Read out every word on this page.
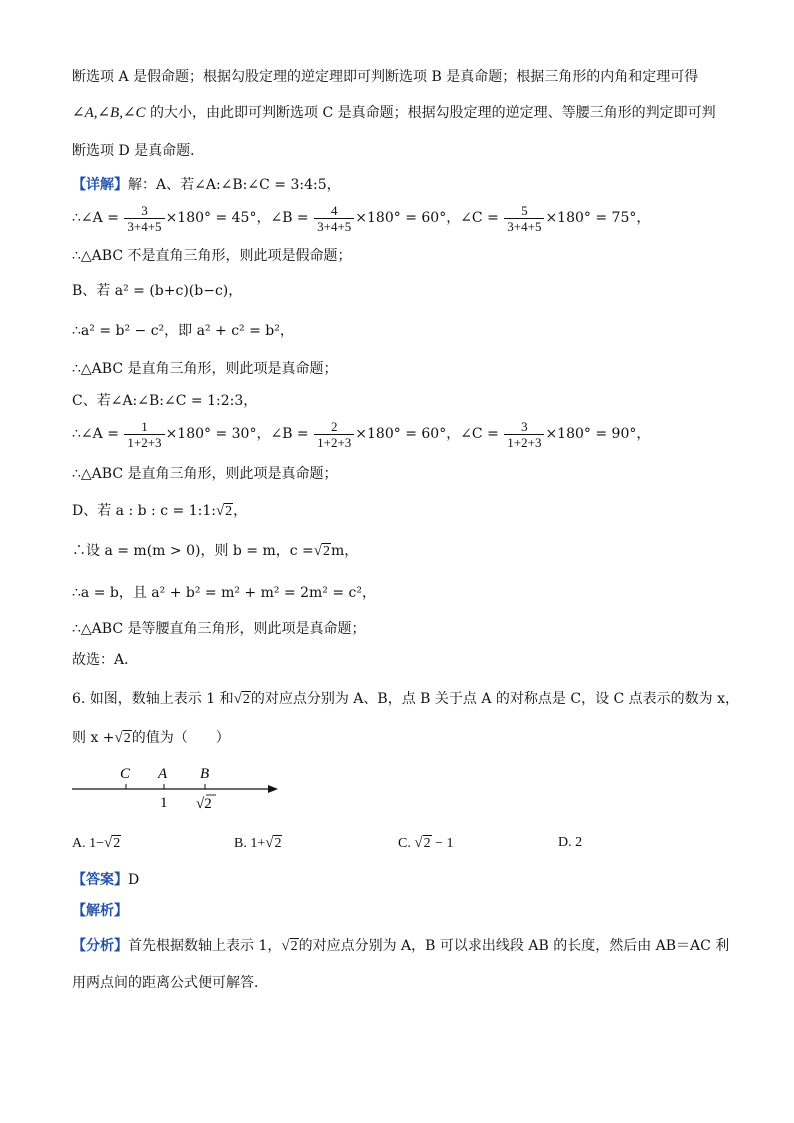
断选项 A 是假命题；根据勾股定理的逆定理即可判断选项 B 是真命题；根据三角形的内角和定理可得
∠A,∠B,∠C 的大小，由此即可判断选项 C 是真命题；根据勾股定理的逆定理、等腰三角形的判定即可判
断选项 D 是真命题．
【详解】解：A、若∠A:∠B:∠C = 3:4:5，
∴∠A = $\frac{3}{3+4+5} \times 180^\circ = 45^\circ$，∠B = $\frac{4}{3+4+5} \times 180^\circ = 60^\circ$，∠C = $\frac{5}{3+4+5} \times 180^\circ = 75^\circ$，
∴△ABC 不是直角三角形，则此项是假命题；
B、若 a² = (b+c)(b−c)，
∴a² = b² − c²，即 a² + c² = b²，
∴△ABC 是直角三角形，则此项是真命题；
C、若∠A:∠B:∠C = 1:2:3，
∴∠A = $\frac{1}{1+2+3} \times 180^\circ = 30^\circ$，∠B = $\frac{2}{1+2+3} \times 180^\circ = 60^\circ$，∠C = $\frac{3}{1+2+3} \times 180^\circ = 90^\circ$，
∴△ABC 是直角三角形，则此项是真命题；
D、若 a : b : c = 1:1:√2，
∴设 a = m(m > 0)，则 b = m，c =√2m，
∴a = b，且 a² + b² = m² + m² = 2m² = c²，
∴△ABC 是等腰直角三角形，则此项是真命题；
故选：A．
6. 如图，数轴上表示 1 和√2的对应点分别为 A、B，点 B 关于点 A 的对称点是 C，设 C 点表示的数为 x，
则 x +√2的值为（　　）
C A B
1 √2
A. 1−√2	B. 1+√2	C. √2 − 1	D. 2
【答案】D
【解析】
【分析】首先根据数轴上表示 1，√2的对应点分别为 A，B 可以求出线段 AB 的长度，然后由 AB＝AC 利
用两点间的距离公式便可解答．
